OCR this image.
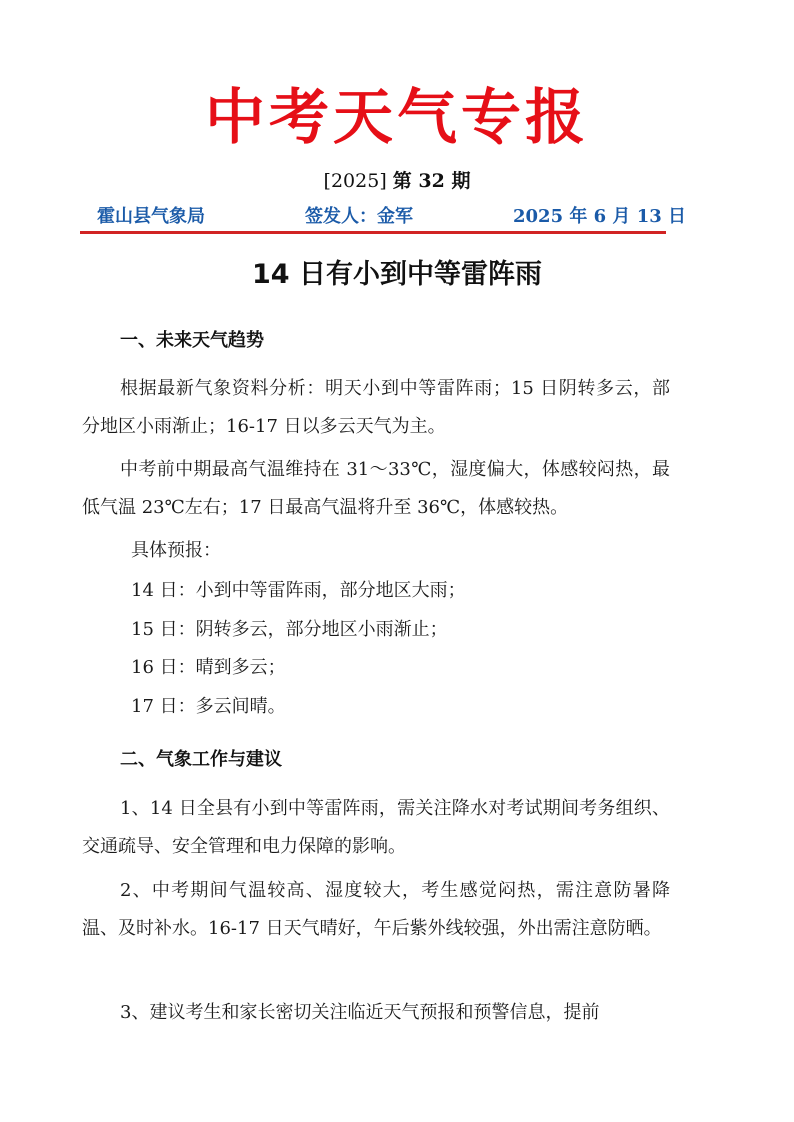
中考天气专报
[2025] 第 32 期
霍山县气象局	签发人：金军	2025 年 6 月 13 日
14 日有小到中等雷阵雨
一、未来天气趋势
根据最新气象资料分析：明天小到中等雷阵雨；15 日阴转多云，部分地区小雨渐止；16-17 日以多云天气为主。
中考前中期最高气温维持在 31～33℃，湿度偏大，体感较闷热，最低气温 23℃左右；17 日最高气温将升至 36℃，体感较热。
具体预报：
14 日：小到中等雷阵雨，部分地区大雨；
15 日：阴转多云，部分地区小雨渐止；
16 日：晴到多云；
17 日：多云间晴。
二、气象工作与建议
1、14 日全县有小到中等雷阵雨，需关注降水对考试期间考务组织、交通疏导、安全管理和电力保障的影响。
2、中考期间气温较高、湿度较大，考生感觉闷热，需注意防暑降温、及时补水。16-17 日天气晴好，午后紫外线较强，外出需注意防晒。
3、建议考生和家长密切关注临近天气预报和预警信息，提前
